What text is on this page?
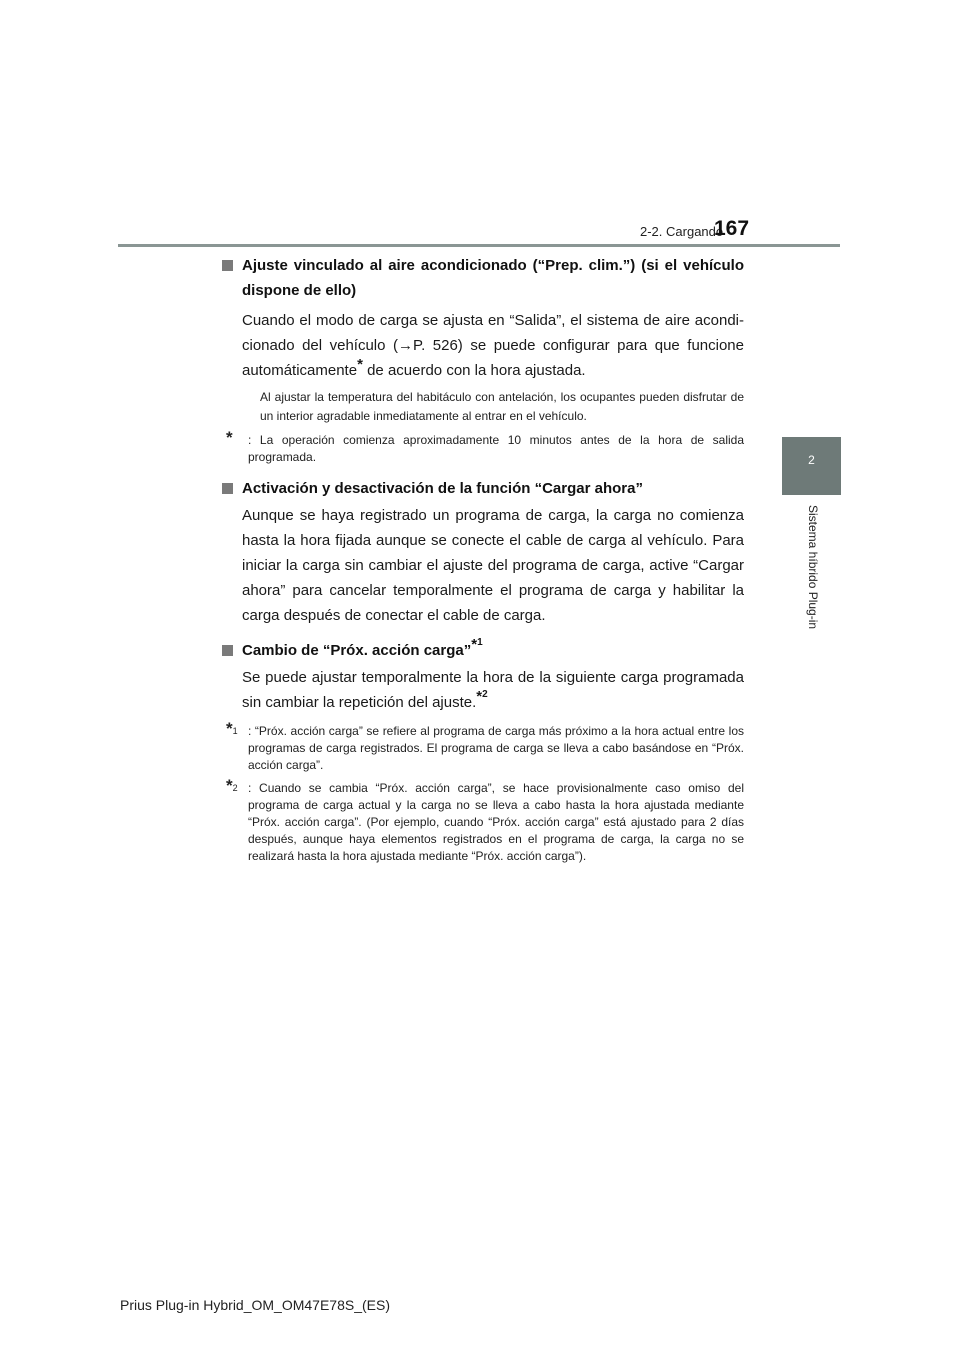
2-2. Cargando
167
2
Sistema híbrido Plug-in
Ajuste vinculado al aire acondicionado (“Prep. clim.”) (si el vehículo dispone de ello)
Cuando el modo de carga se ajusta en “Salida”, el sistema de aire acondi-cionado del vehículo (→P. 526) se puede configurar para que funcione automáticamente* de acuerdo con la hora ajustada.
Al ajustar la temperatura del habitáculo con antelación, los ocupantes pueden disfrutar de un interior agradable inmediatamente al entrar en el vehículo.
* : La operación comienza aproximadamente 10 minutos antes de la hora de salida programada.
Activación y desactivación de la función “Cargar ahora”
Aunque se haya registrado un programa de carga, la carga no comienza hasta la hora fijada aunque se conecte el cable de carga al vehículo. Para iniciar la carga sin cambiar el ajuste del programa de carga, active “Cargar ahora” para cancelar temporalmente el programa de carga y habilitar la carga después de conectar el cable de carga.
Cambio de “Próx. acción carga”*$^1$
Se puede ajustar temporalmente la hora de la siguiente carga programada sin cambiar la repetición del ajuste.*$^2$
*1 : “Próx. acción carga” se refiere al programa de carga más próximo a la hora actual entre los programas de carga registrados. El programa de carga se lleva a cabo basándose en “Próx. acción carga”.
*2 : Cuando se cambia “Próx. acción carga”, se hace provisionalmente caso omiso del programa de carga actual y la carga no se lleva a cabo hasta la hora ajustada mediante “Próx. acción carga”. (Por ejemplo, cuando “Próx. acción carga” está ajustado para 2 días después, aunque haya elementos registrados en el programa de carga, la carga no se realizará hasta la hora ajustada mediante “Próx. acción carga”).
Prius Plug-in Hybrid_OM_OM47E78S_(ES)
